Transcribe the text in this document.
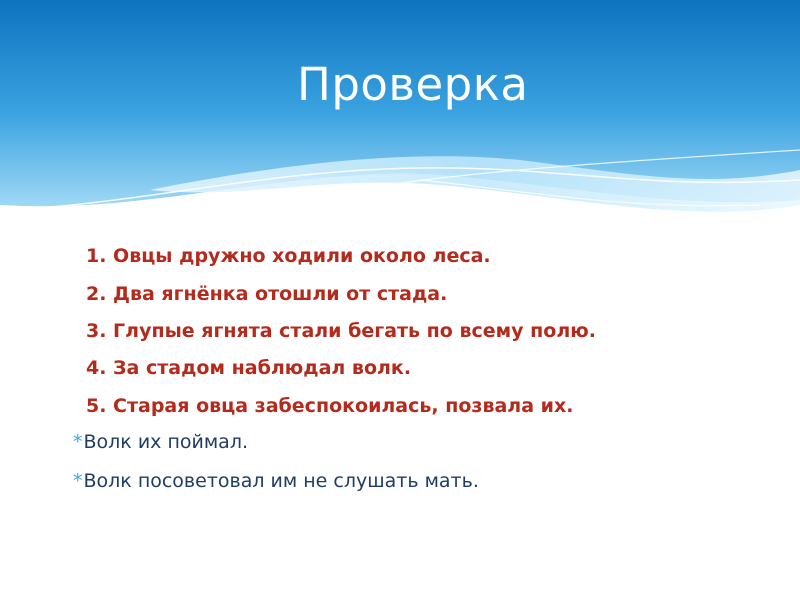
Проверка
1. Овцы дружно ходили около леса.
2. Два ягнёнка отошли от стада.
3. Глупые ягнята стали бегать по всему полю.
4. За стадом наблюдал волк.
5. Старая овца забеспокоилась, позвала их.
*Волк их поймал.
*Волк посоветовал им не слушать мать.
